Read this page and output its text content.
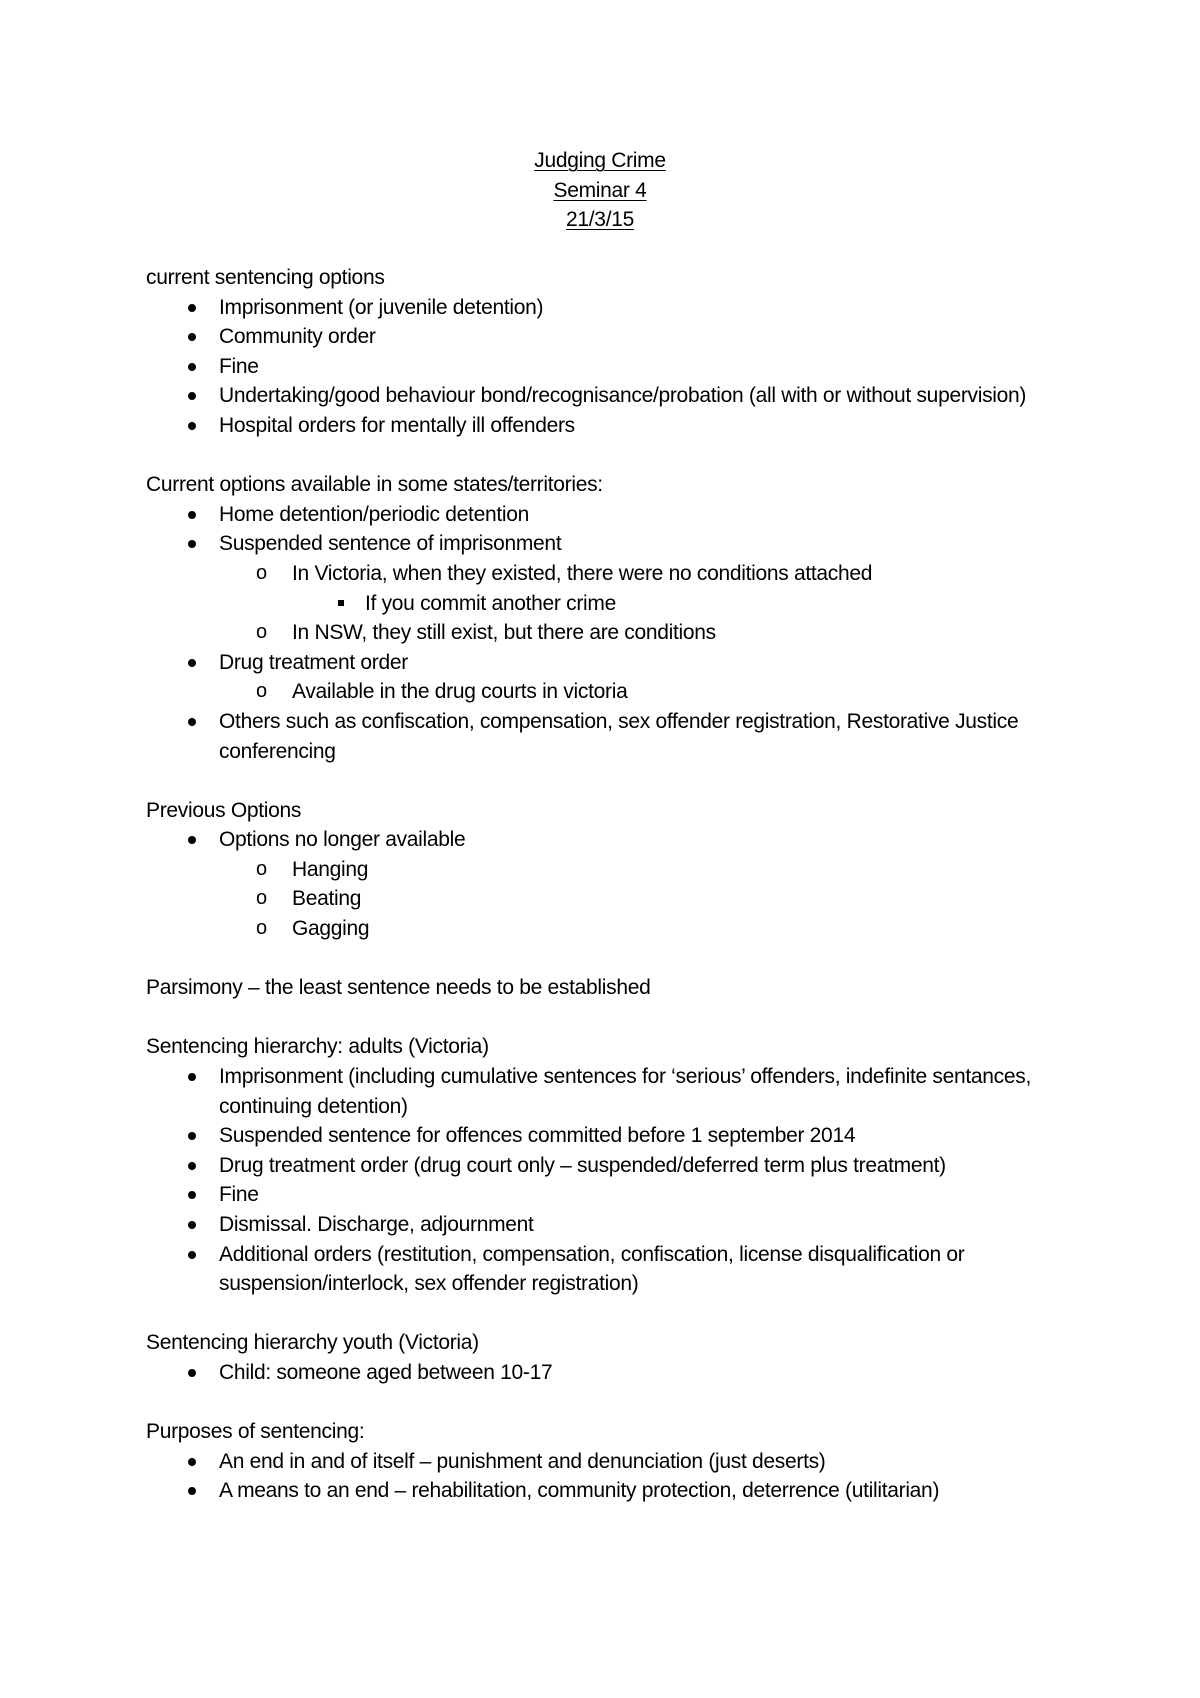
Judging Crime
Seminar 4
21/3/15
current sentencing options
Imprisonment (or juvenile detention)
Community order
Fine
Undertaking/good behaviour bond/recognisance/probation (all with or without supervision)
Hospital orders for mentally ill offenders
Current options available in some states/territories:
Home detention/periodic detention
Suspended sentence of imprisonment
o In Victoria, when they existed, there were no conditions attached
If you commit another crime
o In NSW, they still exist, but there are conditions
Drug treatment order
o Available in the drug courts in victoria
Others such as confiscation, compensation, sex offender registration, Restorative Justice conferencing
Previous Options
Options no longer available
o Hanging
o Beating
o Gagging
Parsimony – the least sentence needs to be established
Sentencing hierarchy: adults (Victoria)
Imprisonment (including cumulative sentences for ‘serious’ offenders, indefinite sentances, continuing detention)
Suspended sentence for offences committed before 1 september 2014
Drug treatment order (drug court only – suspended/deferred term plus treatment)
Fine
Dismissal. Discharge, adjournment
Additional orders (restitution, compensation, confiscation, license disqualification or suspension/interlock, sex offender registration)
Sentencing hierarchy youth (Victoria)
Child: someone aged between 10-17
Purposes of sentencing:
An end in and of itself – punishment and denunciation (just deserts)
A means to an end – rehabilitation, community protection, deterrence (utilitarian)
